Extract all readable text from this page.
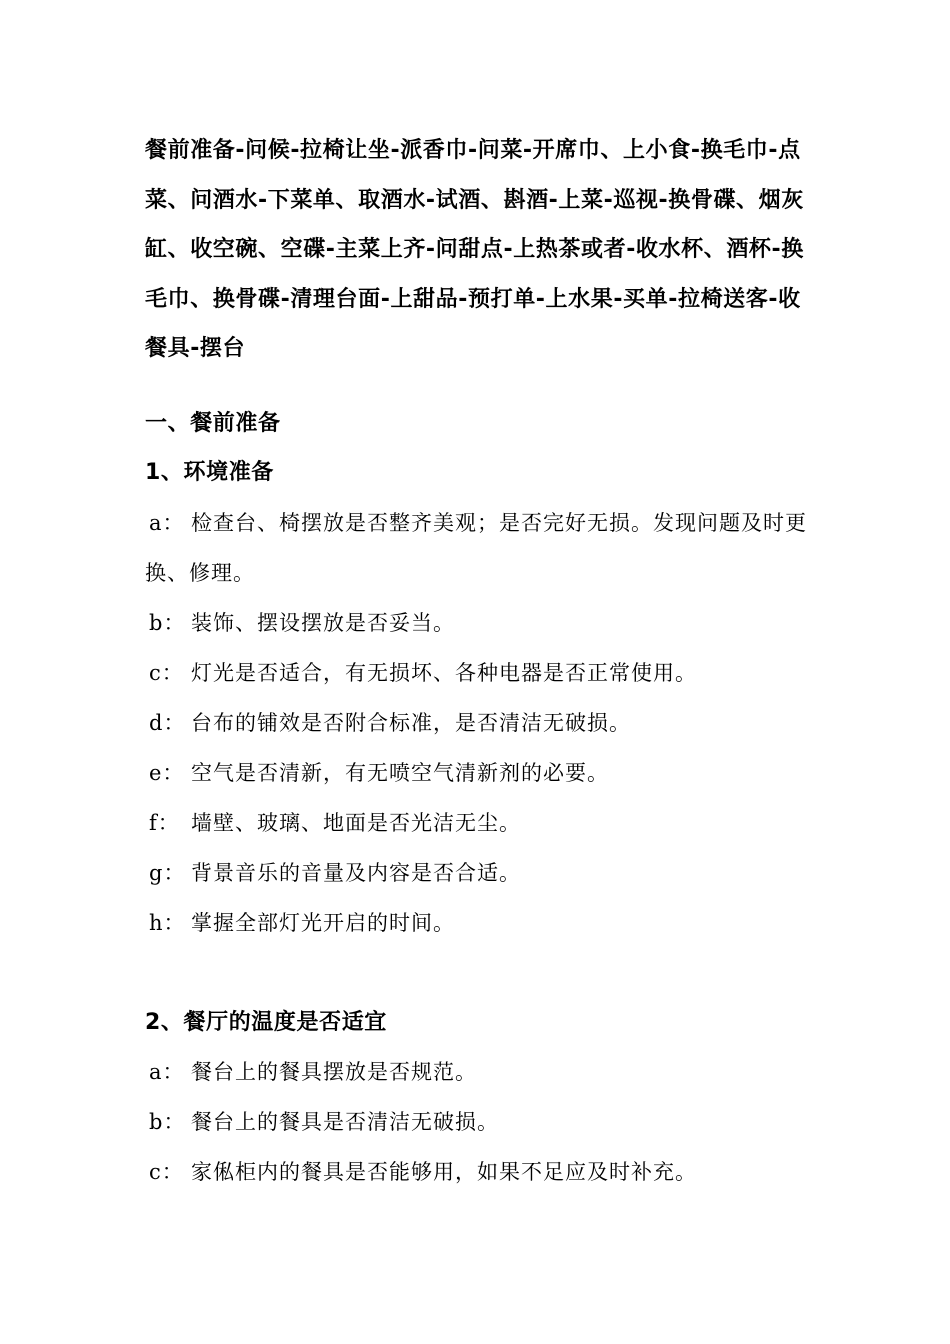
餐前准备-问候-拉椅让坐-派香巾-问菜-开席巾、上小食-换毛巾-点菜、问酒水-下菜单、取酒水-试酒、斟酒-上菜-巡视-换骨碟、烟灰缸、收空碗、空碟-主菜上齐-问甜点-上热茶或者-收水杯、酒杯-换毛巾、换骨碟-清理台面-上甜品-预打单-上水果-买单-拉椅送客-收餐具-摆台

一、餐前准备

1、环境准备

a： 检查台、椅摆放是否整齐美观；是否完好无损。发现问题及时更换、修理。

b： 装饰、摆设摆放是否妥当。

c： 灯光是否适合，有无损坏、各种电器是否正常使用。

d： 台布的铺效是否附合标准，是否清洁无破损。

e： 空气是否清新，有无喷空气清新剂的必要。

f： 墙壁、玻璃、地面是否光洁无尘。

g： 背景音乐的音量及内容是否合适。

h： 掌握全部灯光开启的时间。

2、餐厅的温度是否适宜

a： 餐台上的餐具摆放是否规范。

b： 餐台上的餐具是否清洁无破损。

c： 家俬柜内的餐具是否能够用，如果不足应及时补充。
